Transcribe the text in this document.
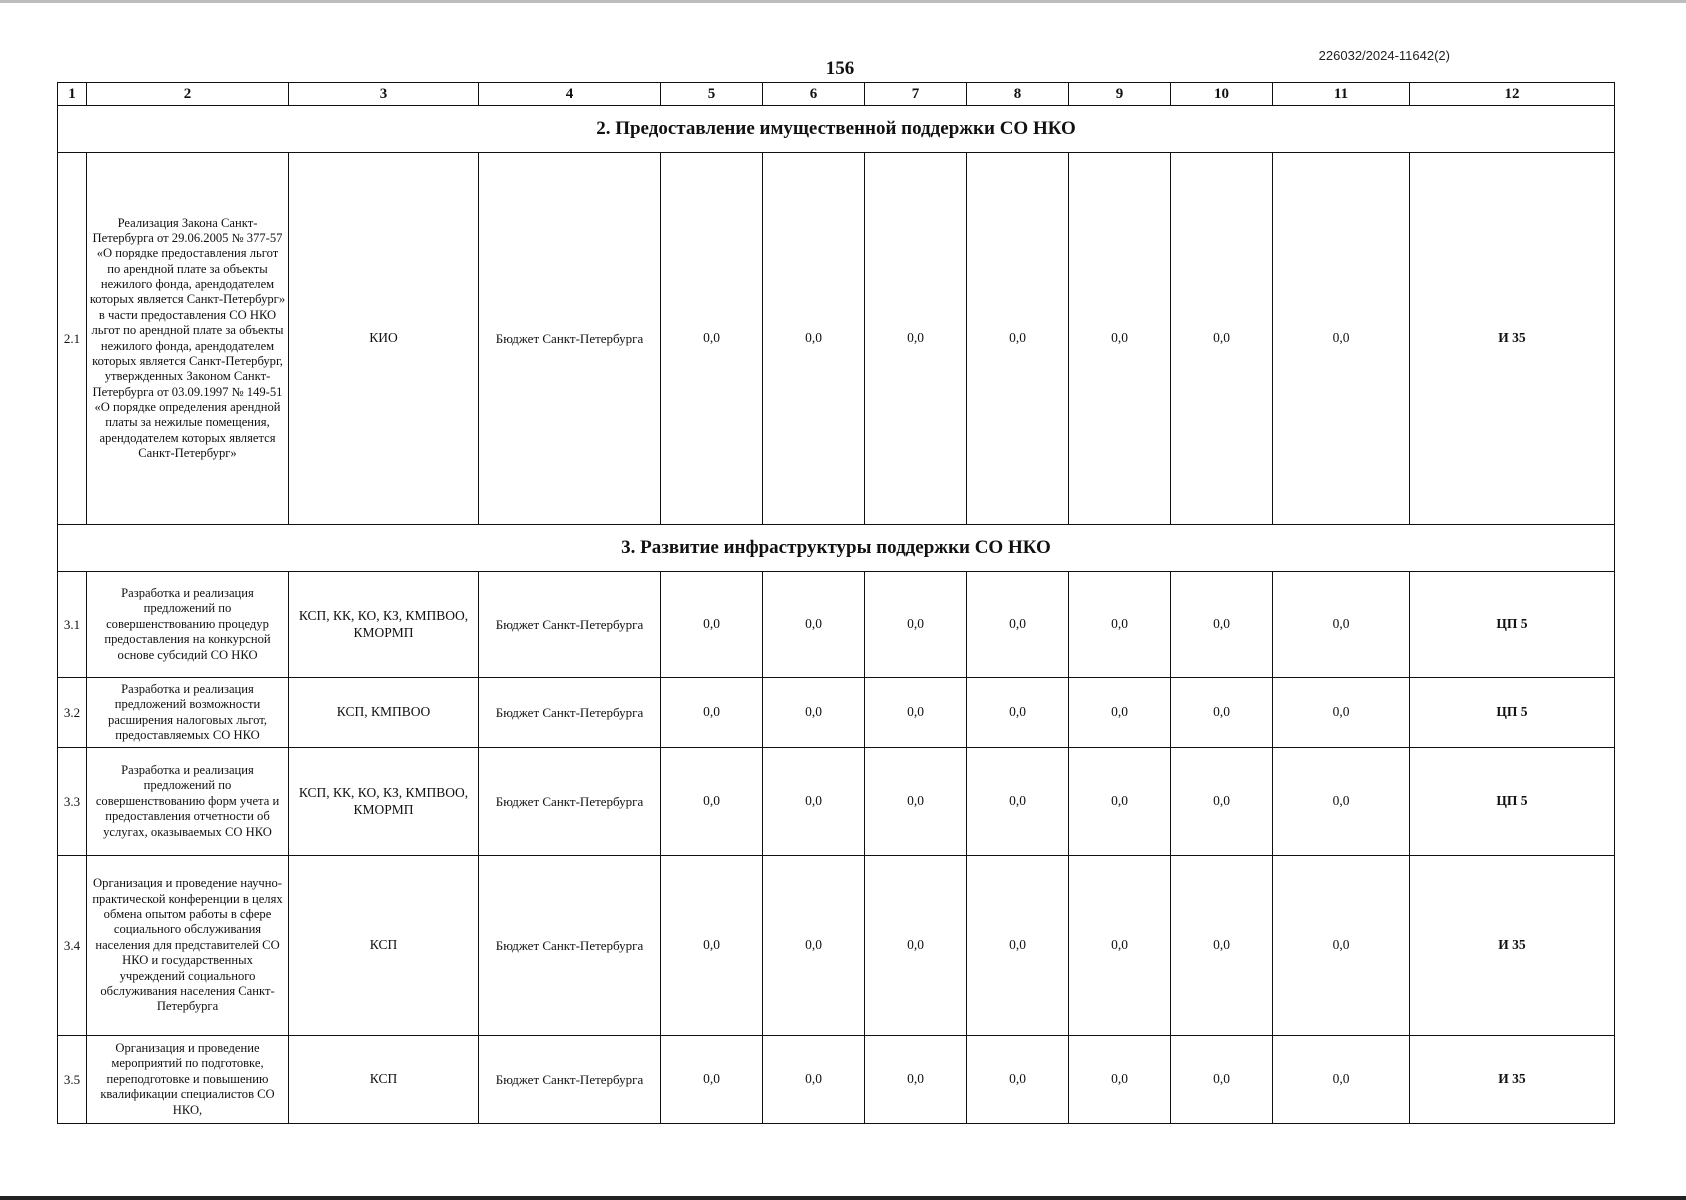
156
226032/2024-11642(2)
1	2	3	4	5	6	7	8	9	10	11	12
2. Предоставление имущественной поддержки СО НКО											
2.1	Реализация Закона Санкт-Петербурга от 29.06.2005 № 377-57 «О порядке предоставления льгот по арендной плате за объекты нежилого фонда, арендодателем которых является Санкт-Петербург» в части предоставления СО НКО льгот по арендной плате за объекты нежилого фонда, арендодателем которых является Санкт-Петербург, утвержденных Законом Санкт-Петербурга от 03.09.1997 № 149-51 «О порядке определения арендной платы за нежилые помещения, арендодателем которых является Санкт-Петербург»	КИО	Бюджет Санкт-Петербурга	0,0	0,0	0,0	0,0	0,0	0,0	0,0	И 35
3. Развитие инфраструктуры поддержки СО НКО											
3.1	Разработка и реализация предложений по совершенствованию процедур предоставления на конкурсной основе субсидий СО НКО	КСП, КК, КО, КЗ, КМПВОО, КМОРМП	Бюджет Санкт-Петербурга	0,0	0,0	0,0	0,0	0,0	0,0	0,0	ЦП 5
3.2	Разработка и реализация предложений возможности расширения налоговых льгот, предоставляемых СО НКО	КСП, КМПВОО	Бюджет Санкт-Петербурга	0,0	0,0	0,0	0,0	0,0	0,0	0,0	ЦП 5
3.3	Разработка и реализация предложений по совершенствованию форм учета и предоставления отчетности об услугах, оказываемых СО НКО	КСП, КК, КО, КЗ, КМПВОО, КМОРМП	Бюджет Санкт-Петербурга	0,0	0,0	0,0	0,0	0,0	0,0	0,0	ЦП 5
3.4	Организация и проведение научно-практической конференции в целях обмена опытом работы в сфере социального обслуживания населения для представителей СО НКО и государственных учреждений социального обслуживания населения Санкт-Петербурга	КСП	Бюджет Санкт-Петербурга	0,0	0,0	0,0	0,0	0,0	0,0	0,0	И 35
3.5	Организация и проведение мероприятий по подготовке, переподготовке и повышению квалификации специалистов СО НКО,	КСП	Бюджет Санкт-Петербурга	0,0	0,0	0,0	0,0	0,0	0,0	0,0	И 35
